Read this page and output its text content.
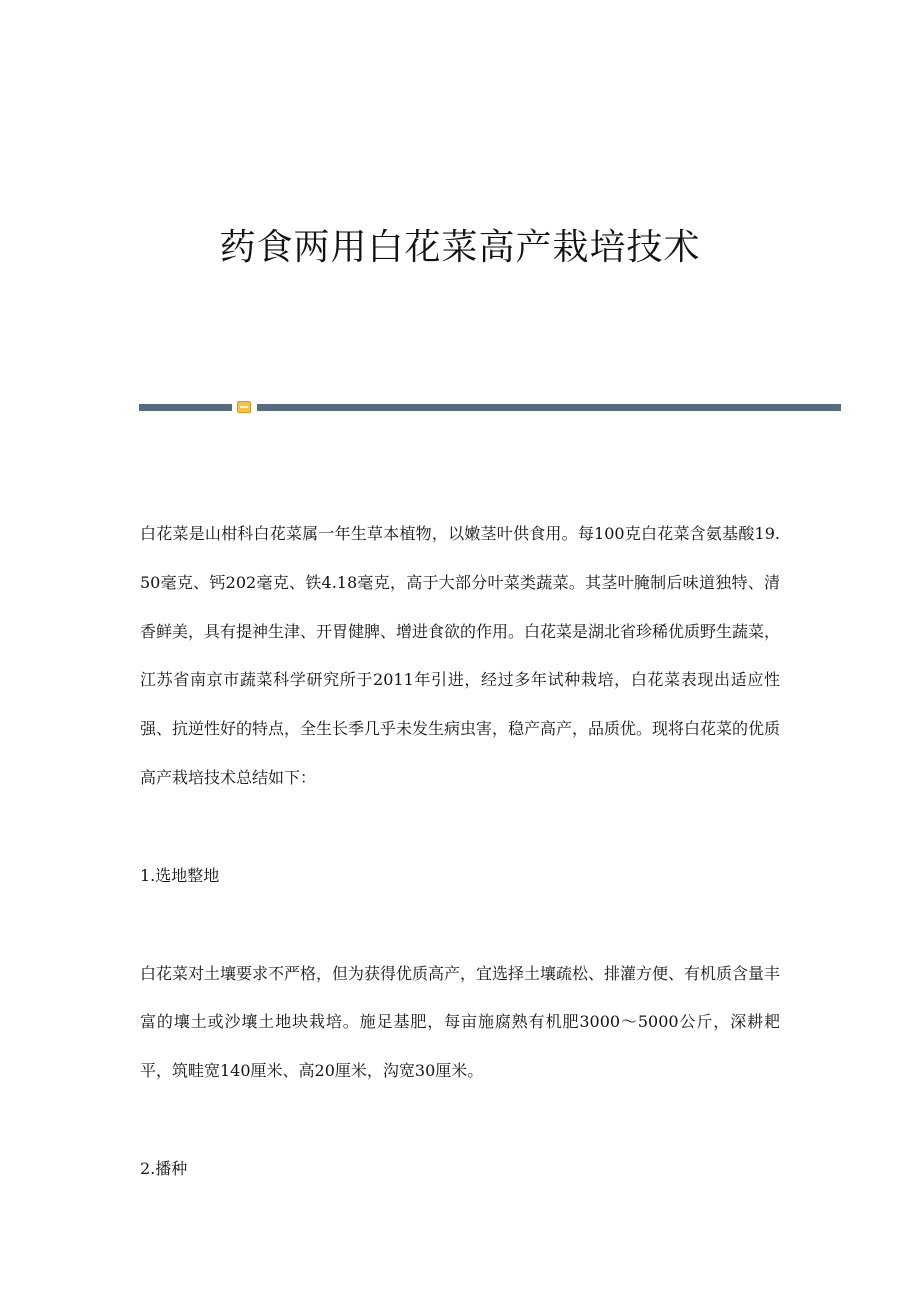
药食两用白花菜高产栽培技术

白花菜是山柑科白花菜属一年生草本植物，以嫩茎叶供食用。每100克白花菜含氨基酸19.50毫克、钙202毫克、铁4.18毫克，高于大部分叶菜类蔬菜。其茎叶腌制后味道独特、清香鲜美，具有提神生津、开胃健脾、增进食欲的作用。白花菜是湖北省珍稀优质野生蔬菜，江苏省南京市蔬菜科学研究所于2011年引进，经过多年试种栽培，白花菜表现出适应性强、抗逆性好的特点，全生长季几乎未发生病虫害，稳产高产，品质优。现将白花菜的优质高产栽培技术总结如下：

1.选地整地

白花菜对土壤要求不严格，但为获得优质高产，宜选择土壤疏松、排灌方便、有机质含量丰富的壤土或沙壤土地块栽培。施足基肥，每亩施腐熟有机肥3000～5000公斤，深耕耙平，筑畦宽140厘米、高20厘米，沟宽30厘米。

2.播种
